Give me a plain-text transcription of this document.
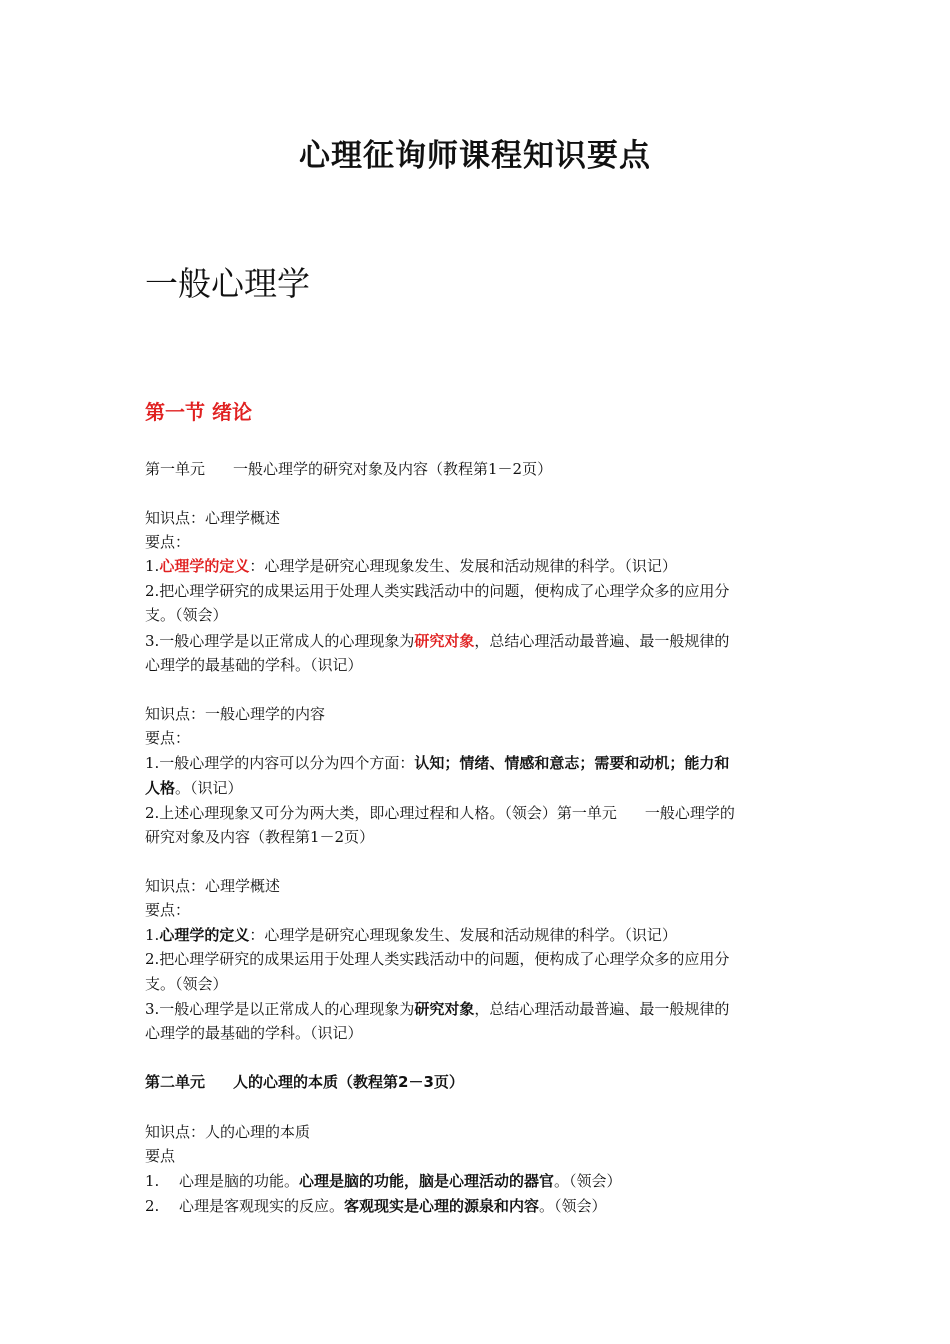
心理征询师课程知识要点
一般心理学
第一节 绪论
第一单元 一般心理学的研究对象及内容（教程第1－2页）
知识点：心理学概述
要点：
1.心理学的定义：心理学是研究心理现象发生、发展和活动规律的科学。（识记）
2.把心理学研究的成果运用于处理人类实践活动中的问题，便构成了心理学众多的应用分
支。（领会）
3.一般心理学是以正常成人的心理现象为研究对象，总结心理活动最普遍、最一般规律的
心理学的最基础的学科。（识记）
知识点：一般心理学的内容
要点：
1.一般心理学的内容可以分为四个方面：认知；情绪、情感和意志；需要和动机；能力和
人格。（识记）
2.上述心理现象又可分为两大类，即心理过程和人格。（领会）第一单元 一般心理学的
研究对象及内容（教程第1－2页）
知识点：心理学概述
要点：
1.心理学的定义：心理学是研究心理现象发生、发展和活动规律的科学。（识记）
2.把心理学研究的成果运用于处理人类实践活动中的问题，便构成了心理学众多的应用分
支。（领会）
3.一般心理学是以正常成人的心理现象为研究对象，总结心理活动最普遍、最一般规律的
心理学的最基础的学科。（识记）
第二单元 人的心理的本质（教程第2－3页）
知识点：人的心理的本质
要点
1. 心理是脑的功能。心理是脑的功能，脑是心理活动的器官。（领会）
2. 心理是客观现实的反应。客观现实是心理的源泉和内容。（领会）
